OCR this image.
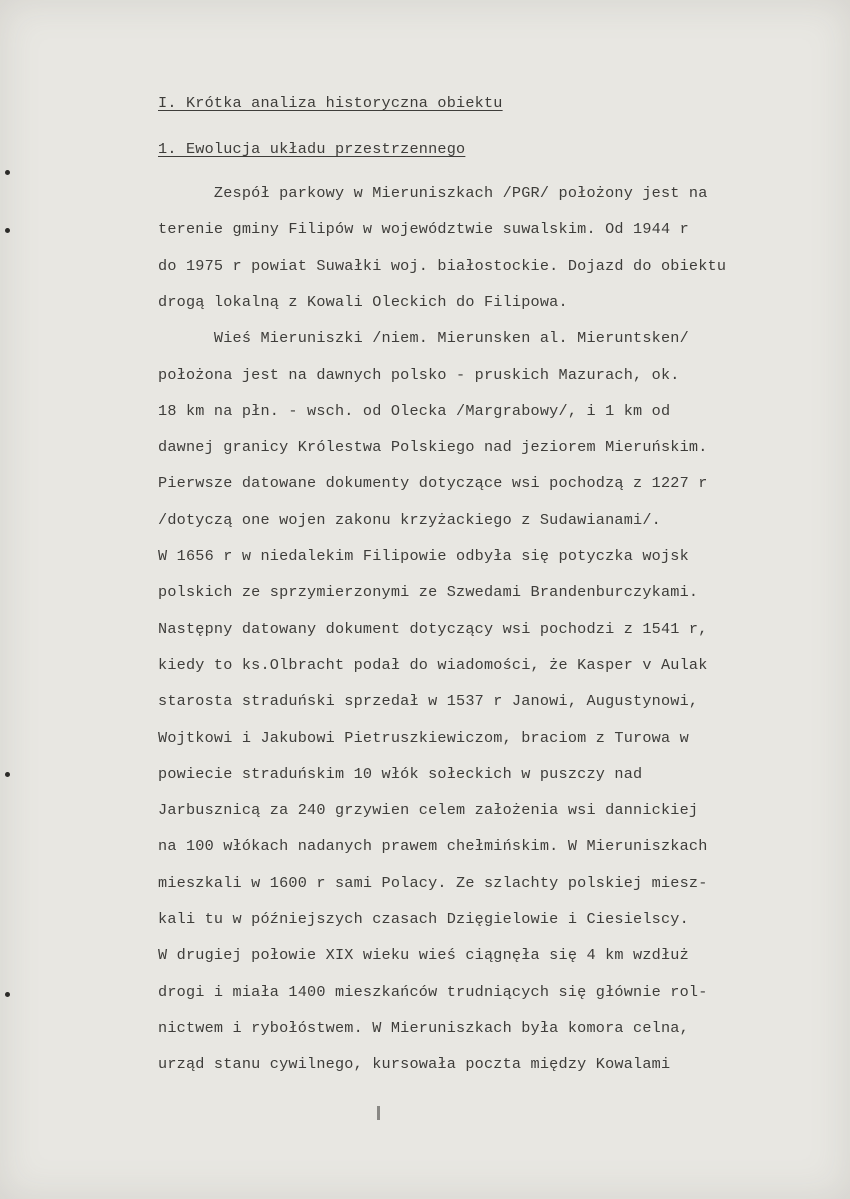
I. Krótka analiza historyczna obiektu
1. Ewolucja układu przestrzennego
Zespół parkowy w Mieruniszkach /PGR/ położony jest na
terenie gminy Filipów w województwie suwalskim. Od 1944 r
do 1975 r powiat Suwałki woj. białostockie. Dojazd do obiektu
drogą lokalną z Kowali Oleckich do Filipowa.
Wieś Mieruniszki /niem. Mierunsken al. Mieruntsken/
położona jest na dawnych polsko - pruskich Mazurach, ok.
18 km na płn. - wsch. od Olecka /Margrabowy/, i 1 km od
dawnej granicy Królestwa Polskiego nad jeziorem Mieruńskim.
Pierwsze datowane dokumenty dotyczące wsi pochodzą z 1227 r
/dotyczą one wojen zakonu krzyżackiego z Sudawianami/.
W 1656 r w niedalekim Filipowie odbyła się potyczka wojsk
polskich ze sprzymierzonymi ze Szwedami Brandenburczykami.
Następny datowany dokument dotyczący wsi pochodzi z 1541 r,
kiedy to ks.Olbracht podał do wiadomości, że Kasper v Aulak
starosta straduński sprzedał w 1537 r Janowi, Augustynowi,
Wojtkowi i Jakubowi Pietruszkiewiczom, braciom z Turowa w
powiecie straduńskim 10 włók sołeckich w puszczy nad
Jarbusznicą za 240 grzywien celem założenia wsi dannickiej
na 100 włókach nadanych prawem chełmińskim. W Mieruniszkach
mieszkali w 1600 r sami Polacy. Ze szlachty polskiej miesz-
kali tu w późniejszych czasach Dzięgielowie i Ciesielscy.
W drugiej połowie XIX wieku wieś ciągnęła się 4 km wzdłuż
drogi i miała 1400 mieszkańców trudniących się głównie rol-
nictwem i rybołóstwem. W Mieruniszkach była komora celna,
urząd stanu cywilnego, kursowała poczta między Kowalami
